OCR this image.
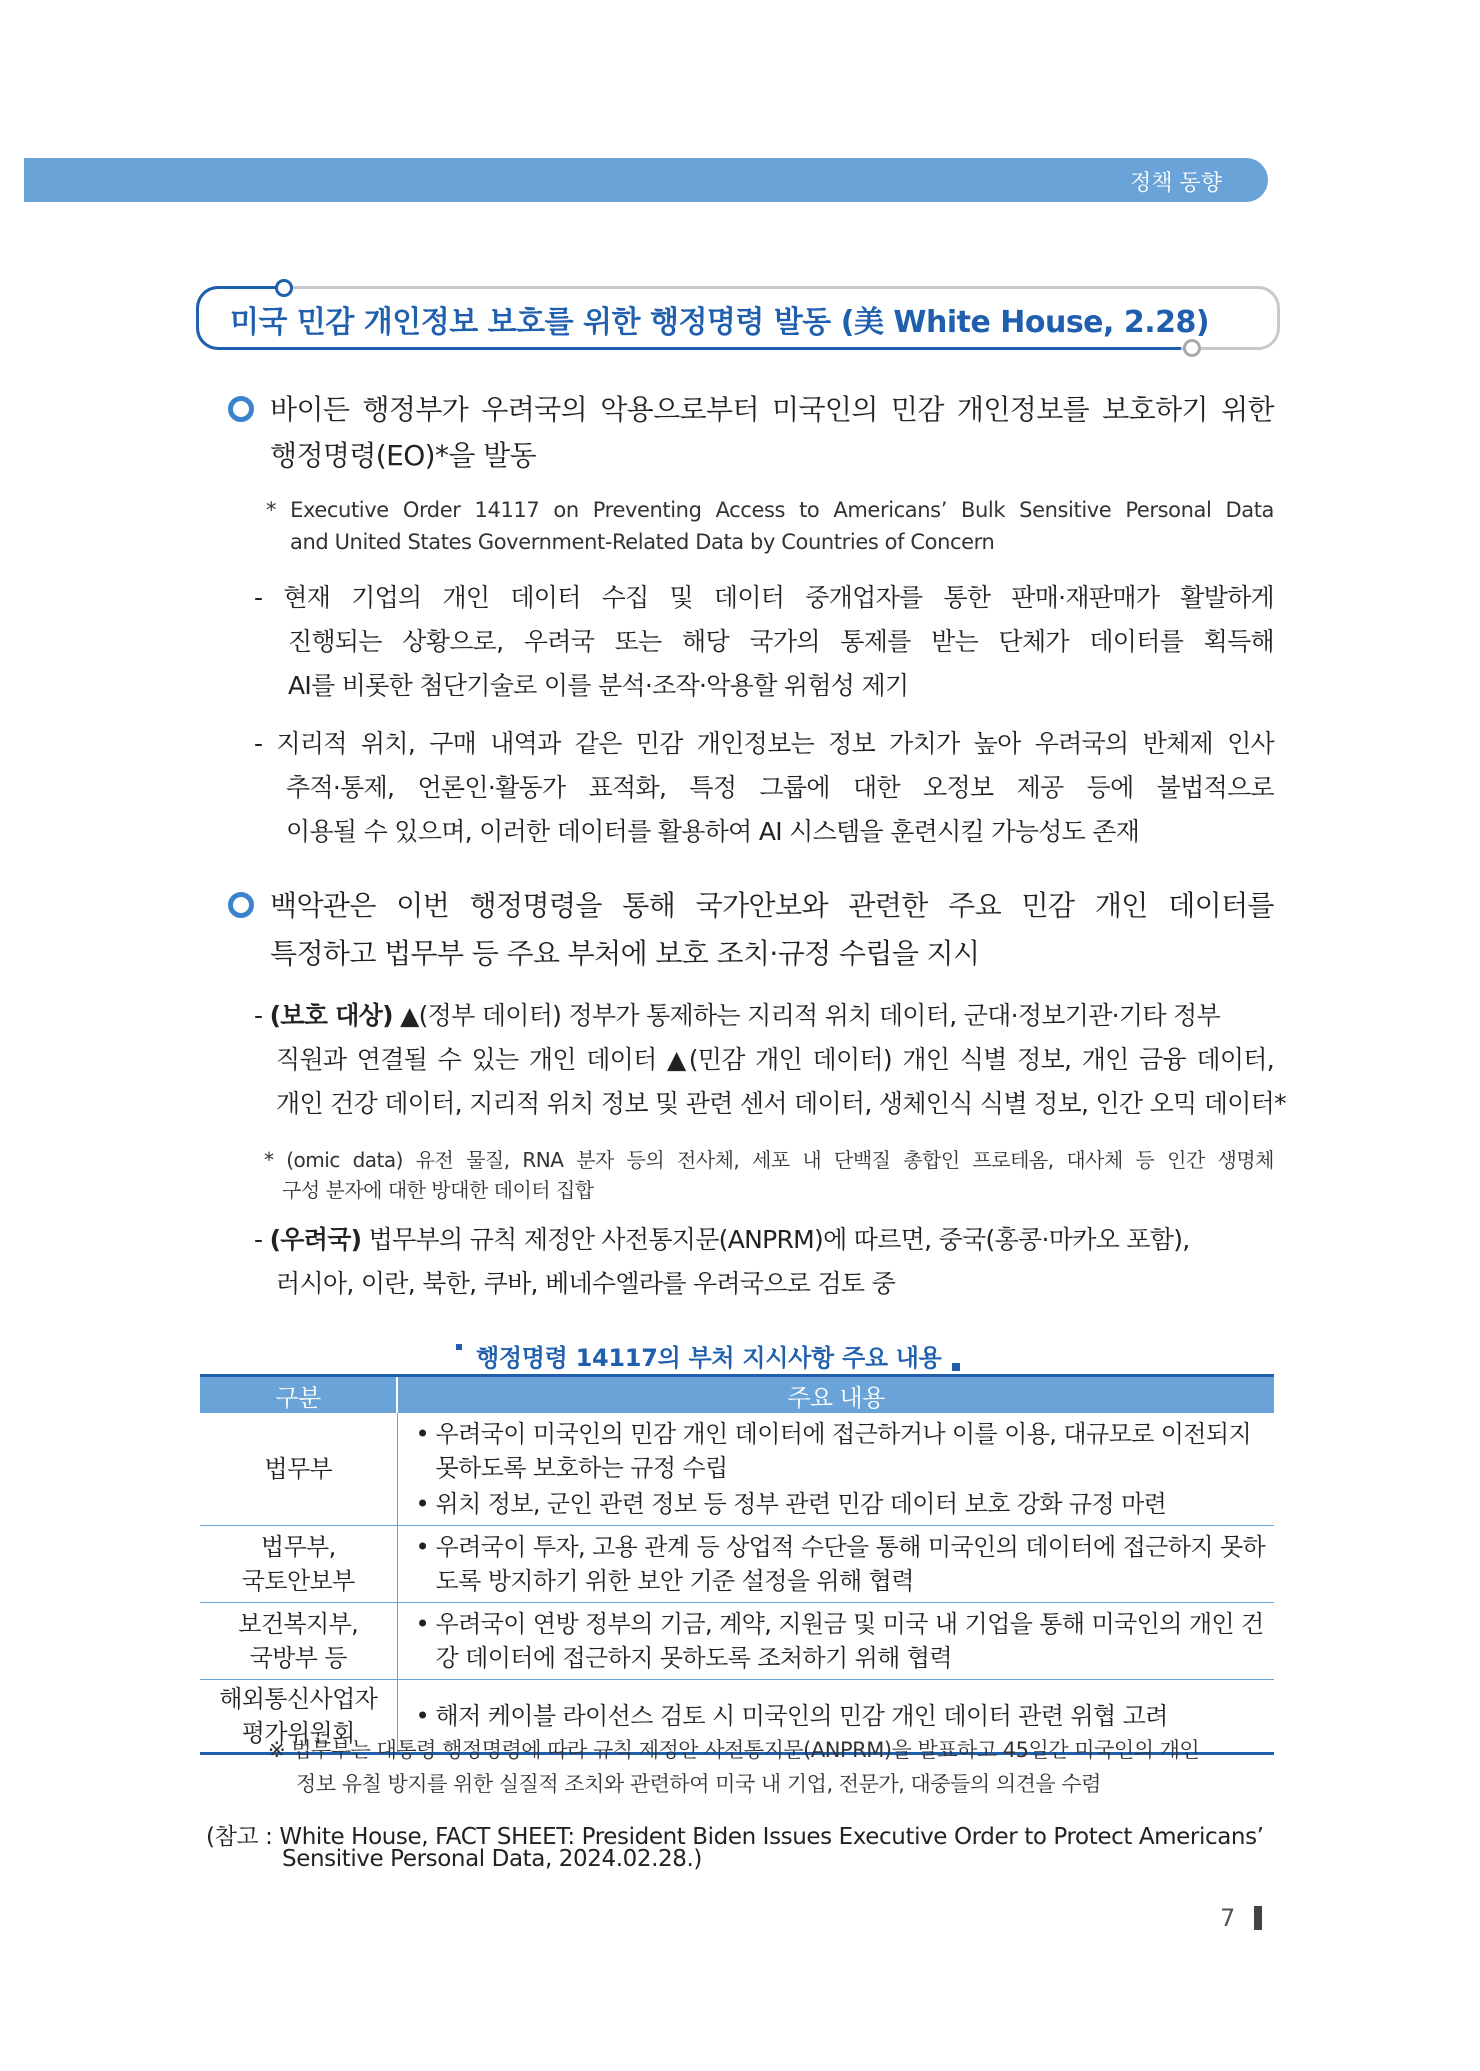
정책 동향
미국 민감 개인정보 보호를 위한 행정명령 발동 (美 White House, 2.28)
바이든 행정부가 우려국의 악용으로부터 미국인의 민감 개인정보를 보호하기 위한
행정명령(EO)*을 발동
* Executive Order 14117 on Preventing Access to Americans’ Bulk Sensitive Personal Data
and United States Government-Related Data by Countries of Concern
- 현재 기업의 개인 데이터 수집 및 데이터 중개업자를 통한 판매·재판매가 활발하게
진행되는 상황으로, 우려국 또는 해당 국가의 통제를 받는 단체가 데이터를 획득해
AI를 비롯한 첨단기술로 이를 분석·조작·악용할 위험성 제기
- 지리적 위치, 구매 내역과 같은 민감 개인정보는 정보 가치가 높아 우려국의 반체제 인사
추적·통제, 언론인·활동가 표적화, 특정 그룹에 대한 오정보 제공 등에 불법적으로
이용될 수 있으며, 이러한 데이터를 활용하여 AI 시스템을 훈련시킬 가능성도 존재
백악관은 이번 행정명령을 통해 국가안보와 관련한 주요 민감 개인 데이터를
특정하고 법무부 등 주요 부처에 보호 조치·규정 수립을 지시
- (보호 대상) ▲(정부 데이터) 정부가 통제하는 지리적 위치 데이터, 군대·정보기관·기타 정부
직원과 연결될 수 있는 개인 데이터 ▲(민감 개인 데이터) 개인 식별 정보, 개인 금융 데이터,
개인 건강 데이터, 지리적 위치 정보 및 관련 센서 데이터, 생체인식 식별 정보, 인간 오믹 데이터*
* (omic data) 유전 물질, RNA 분자 등의 전사체, 세포 내 단백질 총합인 프로테옴, 대사체 등 인간 생명체
구성 분자에 대한 방대한 데이터 집합
- (우려국) 법무부의 규칙 제정안 사전통지문(ANPRM)에 따르면, 중국(홍콩·마카오 포함),
러시아, 이란, 북한, 쿠바, 베네수엘라를 우려국으로 검토 중
행정명령 14117의 부처 지시사항 주요 내용
구분	주요 내용
법무부	• 우려국이 미국인의 민감 개인 데이터에 접근하거나 이를 이용, 대규모로 이전되지 못하도록 보호하는 규정 수립
• 위치 정보, 군인 관련 정보 등 정부 관련 민감 데이터 보호 강화 규정 마련

법무부,
국토안보부	• 우려국이 투자, 고용 관계 등 상업적 수단을 통해 미국인의 데이터에 접근하지 못하도록 방지하기 위한 보안 기준 설정을 위해 협력

보건복지부,
국방부 등	• 우려국이 연방 정부의 기금, 계약, 지원금 및 미국 내 기업을 통해 미국인의 개인 건강 데이터에 접근하지 못하도록 조처하기 위해 협력

해외통신사업자
평가위원회	• 해저 케이블 라이선스 검토 시 미국인의 민감 개인 데이터 관련 위협 고려
※ 법무부는 대통령 행정명령에 따라 규칙 제정안 사전통지문(ANPRM)을 발표하고 45일간 미국인의 개인
정보 유칠 방지를 위한 실질적 조치와 관련하여 미국 내 기업, 전문가, 대중들의 의견을 수렴
(참고 : White House, FACT SHEET: President Biden Issues Executive Order to Protect Americans’
Sensitive Personal Data, 2024.02.28.)
7
